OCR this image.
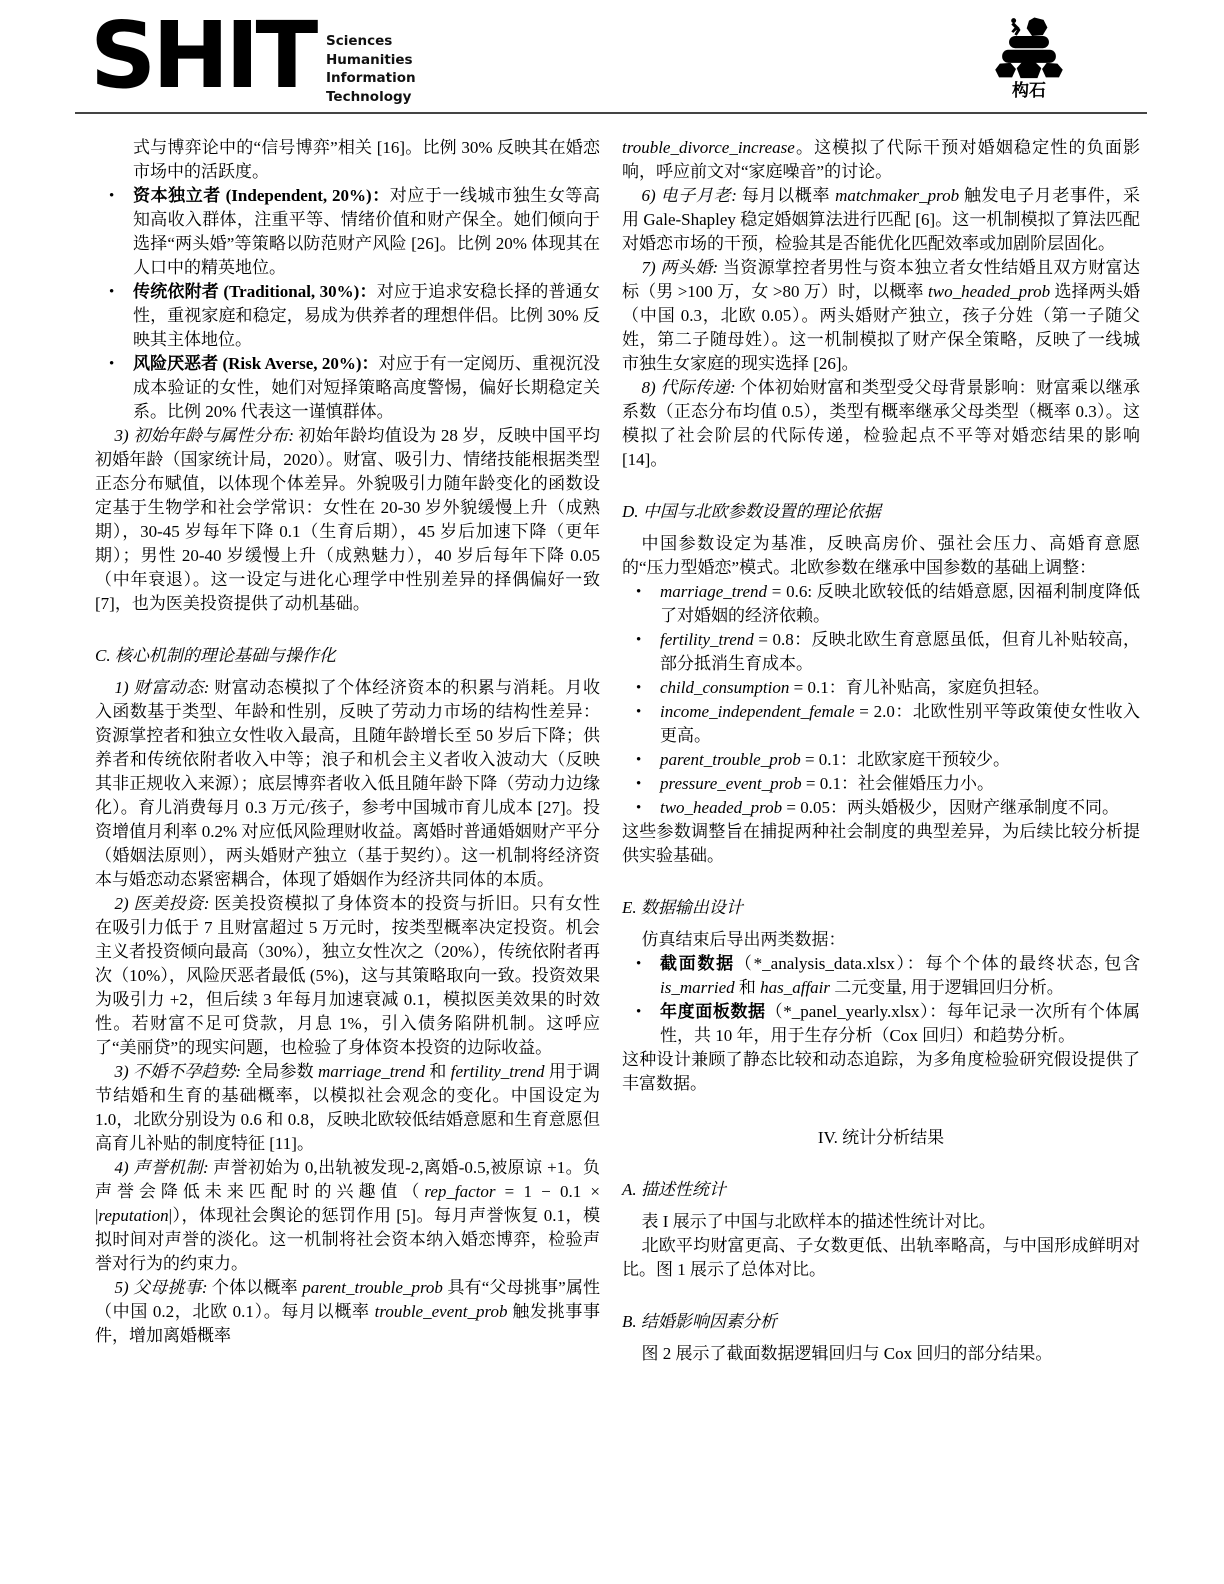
SHIT Sciences
Humanities
Information
Technology	构石

式与博弈论中的“信号博弈”相关 [16]。比例 30% 反映其在婚恋市场中的活跃度。

•	资本独立者 (Independent, 20%)：对应于一线城市独生女等高知高收入群体，注重平等、情绪价值和财产保全。她们倾向于选择“两头婚”等策略以防范财产风险 [26]。比例 20% 体现其在人口中的精英地位。
•	传统依附者 (Traditional, 30%)：对应于追求安稳长择的普通女性，重视家庭和稳定，易成为供养者的理想伴侣。比例 30% 反映其主体地位。
•	风险厌恶者 (Risk Averse, 20%)：对应于有一定阅历、重视沉没成本验证的女性，她们对短择策略高度警惕，偏好长期稳定关系。比例 20% 代表这一谨慎群体。

3) 初始年龄与属性分布: 初始年龄均值设为 28 岁，反映中国平均初婚年龄（国家统计局，2020）。财富、吸引力、情绪技能根据类型正态分布赋值，以体现个体差异。外貌吸引力随年龄变化的函数设定基于生物学和社会学常识：女性在 20-30 岁外貌缓慢上升（成熟期），30-45 岁每年下降 0.1（生育后期），45 岁后加速下降（更年期）；男性 20-40 岁缓慢上升（成熟魅力），40 岁后每年下降 0.05（中年衰退）。这一设定与进化心理学中性别差异的择偶偏好一致 [7]，也为医美投资提供了动机基础。

C. 核心机制的理论基础与操作化

1) 财富动态: 财富动态模拟了个体经济资本的积累与消耗。月收入函数基于类型、年龄和性别，反映了劳动力市场的结构性差异：资源掌控者和独立女性收入最高，且随年龄增长至 50 岁后下降；供养者和传统依附者收入中等；浪子和机会主义者收入波动大（反映其非正规收入来源）；底层博弈者收入低且随年龄下降（劳动力边缘化）。育儿消费每月 0.3 万元/孩子，参考中国城市育儿成本 [27]。投资增值月利率 0.2% 对应低风险理财收益。离婚时普通婚姻财产平分（婚姻法原则），两头婚财产独立（基于契约）。这一机制将经济资本与婚恋动态紧密耦合，体现了婚姻作为经济共同体的本质。

2) 医美投资: 医美投资模拟了身体资本的投资与折旧。只有女性在吸引力低于 7 且财富超过 5 万元时，按类型概率决定投资。机会主义者投资倾向最高（30%），独立女性次之（20%），传统依附者再次（10%），风险厌恶者最低 (5%)，这与其策略取向一致。投资效果为吸引力 +2，但后续 3 年每月加速衰减 0.1，模拟医美效果的时效性。若财富不足可贷款，月息 1%，引入债务陷阱机制。这呼应了“美丽贷”的现实问题，也检验了身体资本投资的边际收益。

3) 不婚不孕趋势: 全局参数 marriage_trend 和 fertility_trend 用于调节结婚和生育的基础概率，以模拟社会观念的变化。中国设定为 1.0，北欧分别设为 0.6 和 0.8，反映北欧较低结婚意愿和生育意愿但高育儿补贴的制度特征 [11]。

4) 声誉机制: 声誉初始为 0,出轨被发现-2,离婚-0.5,被原谅 +1。负声誉会降低未来匹配时的兴趣值（rep_factor = 1 − 0.1 × |reputation|），体现社会舆论的惩罚作用 [5]。每月声誉恢复 0.1，模拟时间对声誉的淡化。这一机制将社会资本纳入婚恋博弈，检验声誉对行为的约束力。

5) 父母挑事: 个体以概率 parent_trouble_prob 具有“父母挑事”属性（中国 0.2，北欧 0.1）。每月以概率 trouble_event_prob 触发挑事事件，增加离婚概率

trouble_divorce_increase。这模拟了代际干预对婚姻稳定性的负面影响，呼应前文对“家庭噪音”的讨论。

6) 电子月老: 每月以概率 matchmaker_prob 触发电子月老事件，采用 Gale-Shapley 稳定婚姻算法进行匹配 [6]。这一机制模拟了算法匹配对婚恋市场的干预，检验其是否能优化匹配效率或加剧阶层固化。

7) 两头婚: 当资源掌控者男性与资本独立者女性结婚且双方财富达标（男 >100 万，女 >80 万）时，以概率 two_headed_prob 选择两头婚（中国 0.3，北欧 0.05）。两头婚财产独立，孩子分姓（第一子随父姓，第二子随母姓）。这一机制模拟了财产保全策略，反映了一线城市独生女家庭的现实选择 [26]。

8) 代际传递: 个体初始财富和类型受父母背景影响：财富乘以继承系数（正态分布均值 0.5），类型有概率继承父母类型（概率 0.3）。这模拟了社会阶层的代际传递，检验起点不平等对婚恋结果的影响 [14]。

D. 中国与北欧参数设置的理论依据

中国参数设定为基准，反映高房价、强社会压力、高婚育意愿的“压力型婚恋”模式。北欧参数在继承中国参数的基础上调整：

•	marriage_trend = 0.6: 反映北欧较低的结婚意愿, 因福利制度降低了对婚姻的经济依赖。
•	fertility_trend = 0.8：反映北欧生育意愿虽低，但育儿补贴较高，部分抵消生育成本。
•	child_consumption = 0.1：育儿补贴高，家庭负担轻。
•	income_independent_female = 2.0：北欧性别平等政策使女性收入更高。
•	parent_trouble_prob = 0.1：北欧家庭干预较少。
•	pressure_event_prob = 0.1：社会催婚压力小。
•	two_headed_prob = 0.05：两头婚极少，因财产继承制度不同。

这些参数调整旨在捕捉两种社会制度的典型差异，为后续比较分析提供实验基础。

E. 数据输出设计

仿真结束后导出两类数据：

•	截面数据（*_analysis_data.xlsx）：每个个体的最终状态, 包含 is_married 和 has_affair 二元变量, 用于逻辑回归分析。
•	年度面板数据（*_panel_yearly.xlsx）：每年记录一次所有个体属性，共 10 年，用于生存分析（Cox 回归）和趋势分析。

这种设计兼顾了静态比较和动态追踪，为多角度检验研究假设提供了丰富数据。

IV. 统计分析结果
A. 描述性统计

表 I 展示了中国与北欧样本的描述性统计对比。

北欧平均财富更高、子女数更低、出轨率略高，与中国形成鲜明对比。图 1 展示了总体对比。

B. 结婚影响因素分析

图 2 展示了截面数据逻辑回归与 Cox 回归的部分结果。
